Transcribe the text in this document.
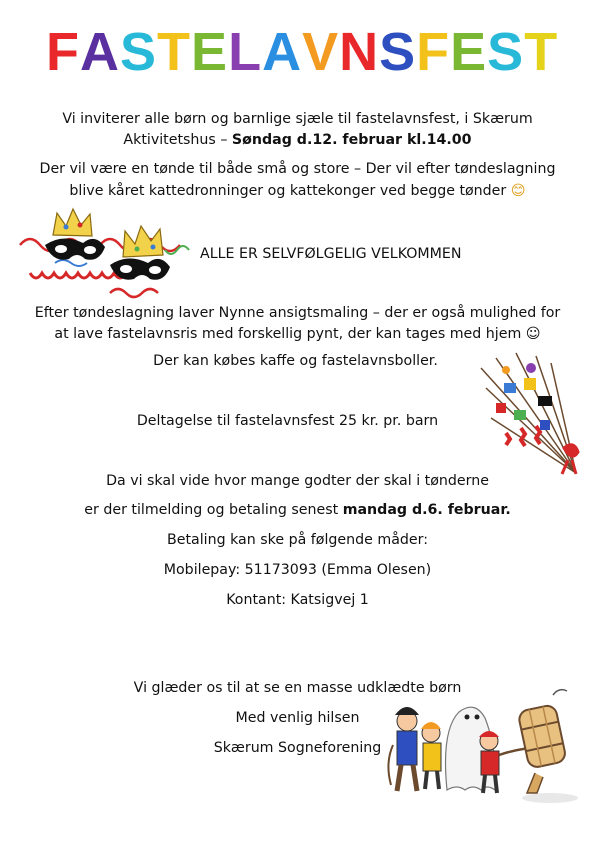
FASTELAVNSFEST
Vi inviterer alle børn og barnlige sjæle til fastelavnsfest, i Skærum
Aktivitetshus – Søndag d.12. februar kl.14.00
Der vil være en tønde til både små og store – Der vil efter tøndeslagning
blive kåret kattedronninger og kattekonger ved begge tønder 😊
ALLE ER SELVFØLGELIG VELKOMMEN
Efter tøndeslagning laver Nynne ansigtsmaling – der er også mulighed for
at lave fastelavnsris med forskellig pynt, der kan tages med hjem ☺
Der kan købes kaffe og fastelavnsboller.
Deltagelse til fastelavnsfest 25 kr. pr. barn
Da vi skal vide hvor mange godter der skal i tønderne
er der tilmelding og betaling senest mandag d.6. februar.
Betaling kan ske på følgende måder:
Mobilepay: 51173093 (Emma Olesen)
Kontant: Katsigvej 1
Vi glæder os til at se en masse udklædte børn
Med venlig hilsen
Skærum Sogneforening
